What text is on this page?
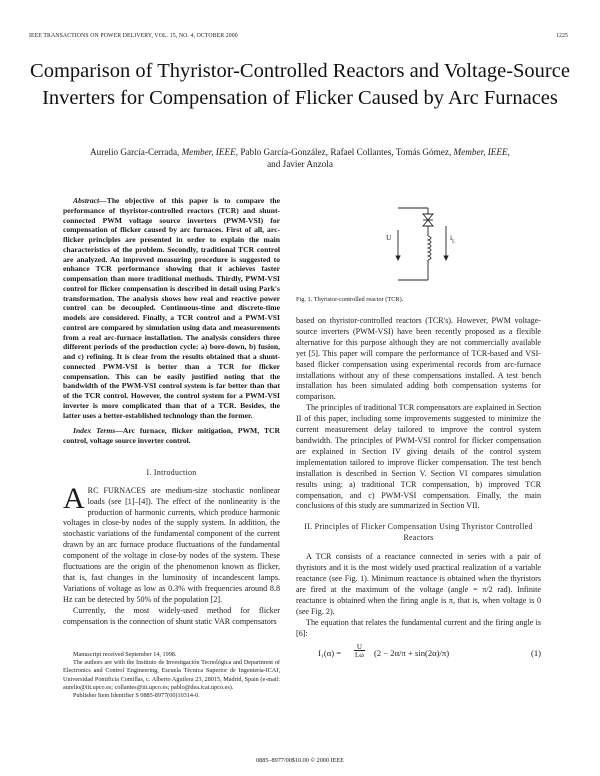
IEEE TRANSACTIONS ON POWER DELIVERY, VOL. 15, NO. 4, OCTOBER 2000	1225
Comparison of Thyristor-Controlled Reactors and Voltage-Source Inverters for Compensation of Flicker Caused by Arc Furnaces
Aurelio García-Cerrada, Member, IEEE, Pablo García-González, Rafael Collantes, Tomás Gómez, Member, IEEE,
and Javier Anzola

Abstract—The objective of this paper is to compare the performance of thyristor-controlled reactors (TCR) and shunt-connected PWM voltage source inverters (PWM-VSI) for compensation of flicker caused by arc furnaces. First of all, arc-flicker principles are presented in order to explain the main characteristics of the problem. Secondly, traditional TCR control are analyzed. An improved measuring procedure is suggested to enhance TCR performance showing that it achieves faster compensation than more traditional methods. Thirdly, PWM-VSI control for flicker compensation is described in detail using Park's transformation. The analysis shows how real and reactive power control can be decoupled. Continuous-time and discrete-time models are considered. Finally, a TCR control and a PWM-VSI control are compared by simulation using data and measurements from a real arc-furnace installation. The analysis considers three different periods of the production cycle: a) bore-down, b) fusion, and c) refining. It is clear from the results obtained that a shunt-connected PWM-VSI is better than a TCR for flicker compensation. This can be easily justified noting that the bandwidth of the PWM-VSI control system is far better than that of the TCR control. However, the control system for a PWM-VSI inverter is more complicated than that of a TCR. Besides, the latter uses a better-established technology than the former.

Index Terms—Arc furnace, flicker mitigation, PWM, TCR control, voltage source inverter control.

I. Introduction

ARC FURNACES are medium-size stochastic nonlinear loads (see [1]–[4]). The effect of the nonlinearity is the production of harmonic currents, which produce harmonic voltages in close-by nodes of the supply system. In addition, the stochastic variations of the fundamental component of the current drawn by an arc furnace produce fluctuations of the fundamental component of the voltage in close-by nodes of the system. These fluctuations are the origin of the phenomenon known as flicker, that is, fast changes in the luminosity of incandescent lamps. Variations of voltage as low as 0.3% with frequencies around 8.8 Hz can be detected by 50% of the population [2].

Currently, the most widely-used method for flicker compensation is the connection of shunt static VAR compensators

Manuscript received September 14, 1998.
The authors are with the Instituto de Investigación Tecnológica and Department of Electronics and Control Engineering, Escuela Técnica Superior de Ingeniería-ICAI, Universidad Pontificia Comillas, c. Alberto Aguilera 23, 28015, Madrid, Spain (e-mail: aurelio@iit.upco.es; collantes@iit.upco.es; pablo@dea.icai.upco.es).
Publisher Item Identifier S 0885-8977(00)10314-0.
U	$i_L$
Fig. 1. Thyristor-controlled reactor (TCR).

based on thyristor-controlled reactors (TCR's). However, PWM voltage-source inverters (PWM-VSI) have been recently proposed as a flexible alternative for this purpose although they are not commercially available yet [5]. This paper will compare the performance of TCR-based and VSI-based flicker compensation using experimental records from arc-furnace installations without any of these compensations installed. A test bench installation has been simulated adding both compensation systems for comparison.

The principles of traditional TCR compensators are explained in Section II of this paper, including some improvements suggested to minimize the current measurement delay tailored to improve the control system bandwidth. The principles of PWM-VSI control for flicker compensation are explained in Section IV giving details of the control system implementation tailored to improve flicker compensation. The test bench installation is described in Section V. Section VI compares simulation results using: a) traditional TCR compensation, b) improved TCR compensation, and c) PWM-VSI compensation. Finally, the main conclusions of this study are summarized in Section VII.

II. Principles of Flicker Compensation Using Thyristor Controlled Reactors

A TCR consists of a reactance connected in series with a pair of thyristors and it is the most widely used practical realization of a variable reactance (see Fig. 1). Minimum reactance is obtained when the thyristors are fired at the maximum of the voltage (angle = π/2 rad). Infinite reactance is obtained when the firing angle is π, that is, when voltage is 0 (see Fig. 2).

The equation that relates the fundamental current and the firing angle is [6]:

I₁(α) =
U
Lω (2 − 2α/π + sin(2α)/π)	(1)
0885–8977/00$10.00 © 2000 IEEE
